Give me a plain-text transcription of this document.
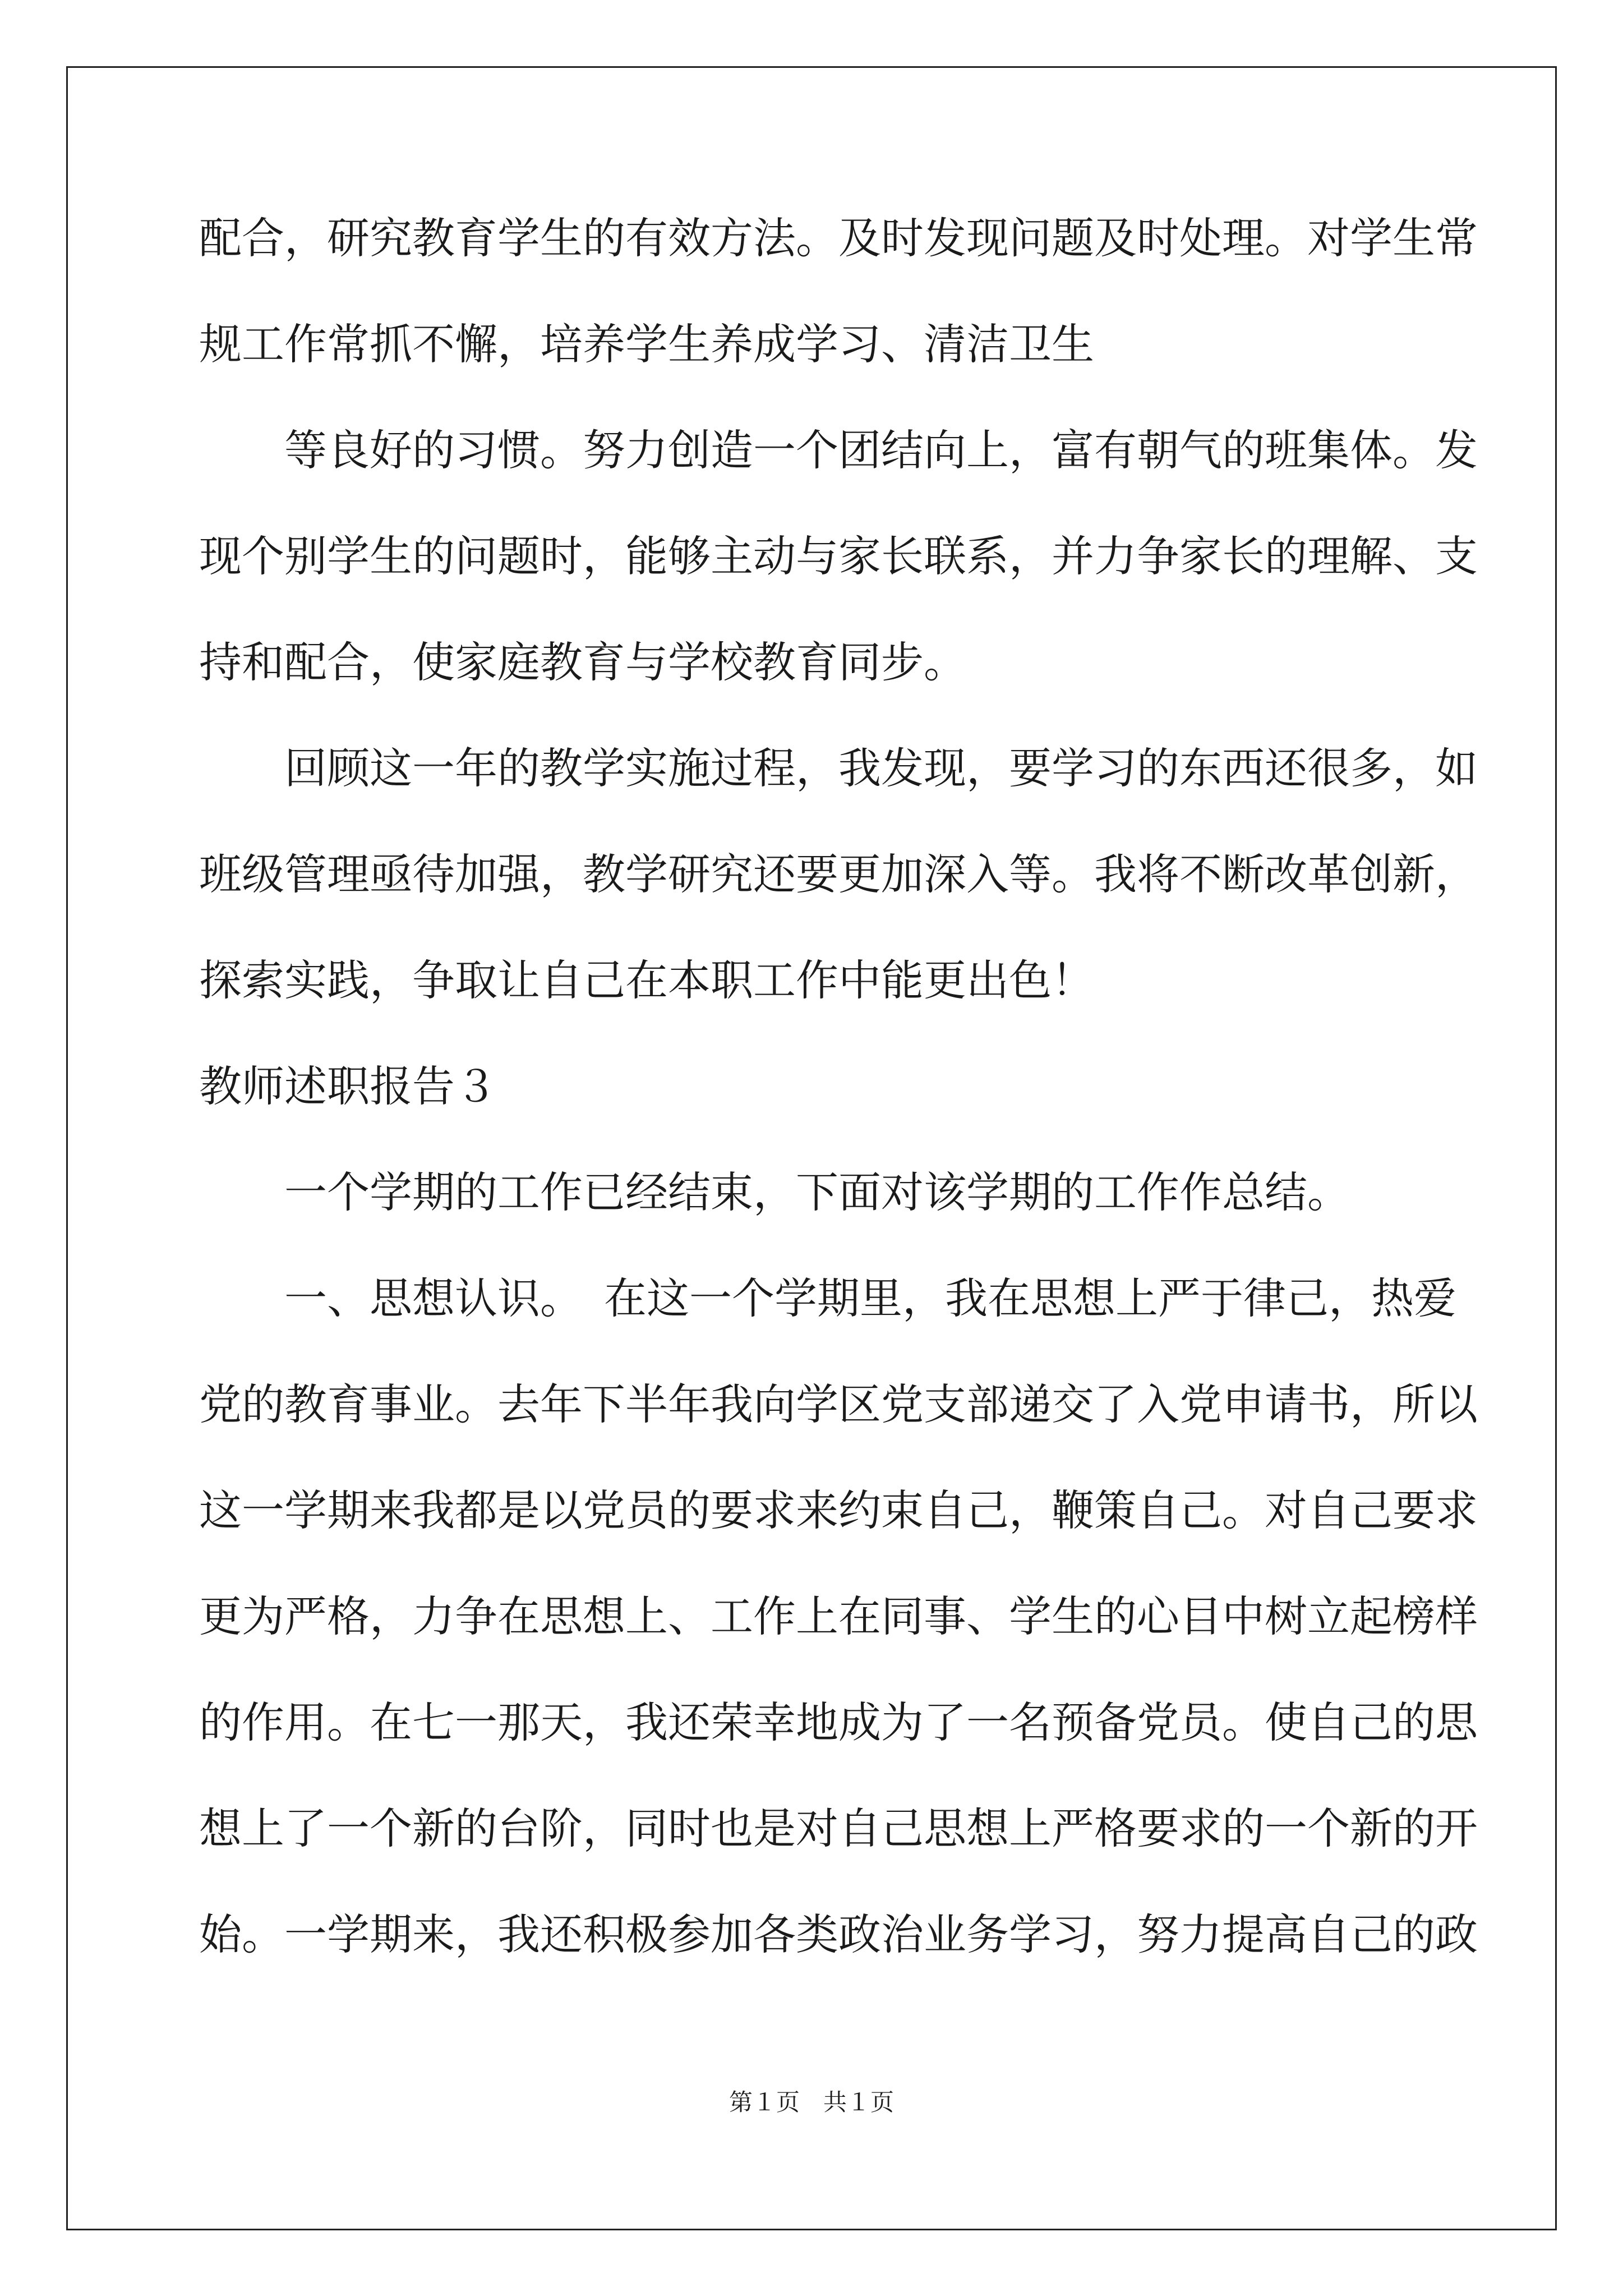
配合，研究教育学生的有效方法。及时发现问题及时处理。对学生常
规工作常抓不懈，培养学生养成学习、清洁卫生
等良好的习惯。努力创造一个团结向上，富有朝气的班集体。发
现个别学生的问题时，能够主动与家长联系，并力争家长的理解、支
持和配合，使家庭教育与学校教育同步。
回顾这一年的教学实施过程，我发现，要学习的东西还很多，如
班级管理亟待加强，教学研究还要更加深入等。我将不断改革创新，
探索实践，争取让自己在本职工作中能更出色！
教师述职报告３
一个学期的工作已经结束，下面对该学期的工作作总结。
一、思想认识。　在这一个学期里，我在思想上严于律己，热爱
党的教育事业。去年下半年我向学区党支部递交了入党申请书，所以
这一学期来我都是以党员的要求来约束自己，鞭策自己。对自己要求
更为严格，力争在思想上、工作上在同事、学生的心目中树立起榜样
的作用。在七一那天，我还荣幸地成为了一名预备党员。使自己的思
想上了一个新的台阶，同时也是对自己思想上严格要求的一个新的开
始。一学期来，我还积极参加各类政治业务学习，努力提高自己的政
第１页　共１页
